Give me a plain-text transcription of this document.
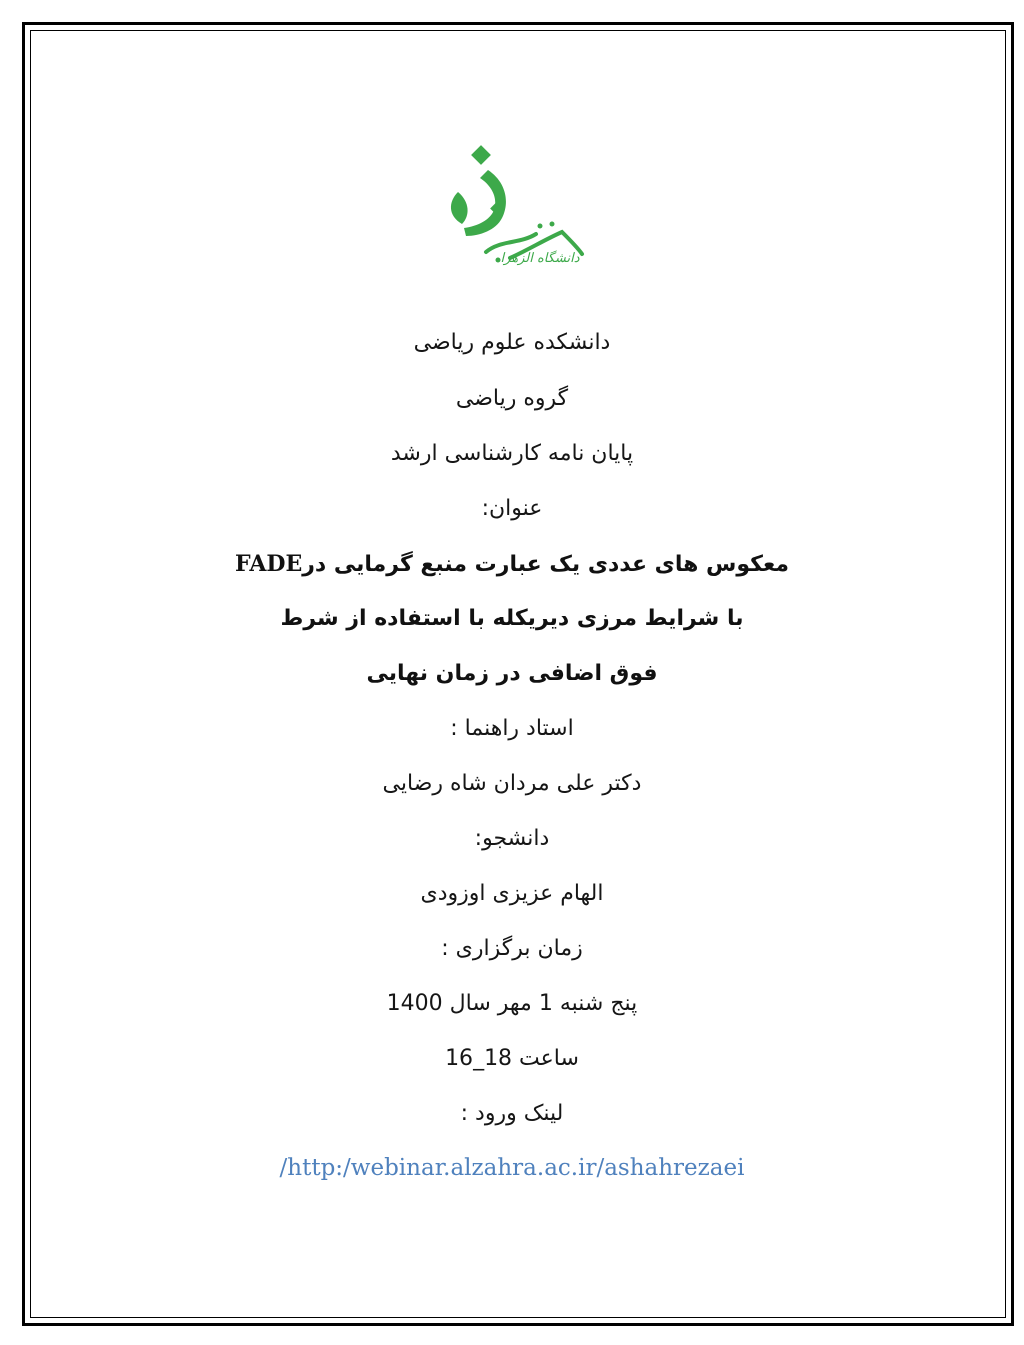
دانشگاه الزهرا
دانشکده علوم ریاضی
گروه ریاضی
پایان نامه کارشناسی ارشد
عنوان:
معکوس های عددی یک عبارت منبع گرمایی درFADE
با شرایط مرزی دیریکله با استفاده از شرط
فوق اضافی در زمان نهایی
استاد راهنما :
دکتر علی مردان شاه رضایی
دانشجو:
الهام عزیزی اوزودی
زمان برگزاری :
پنج شنبه 1 مهر سال 1400
ساعت 18_16
لینک ورود :
http:/webinar.alzahra.ac.ir/ashahrezaei/
